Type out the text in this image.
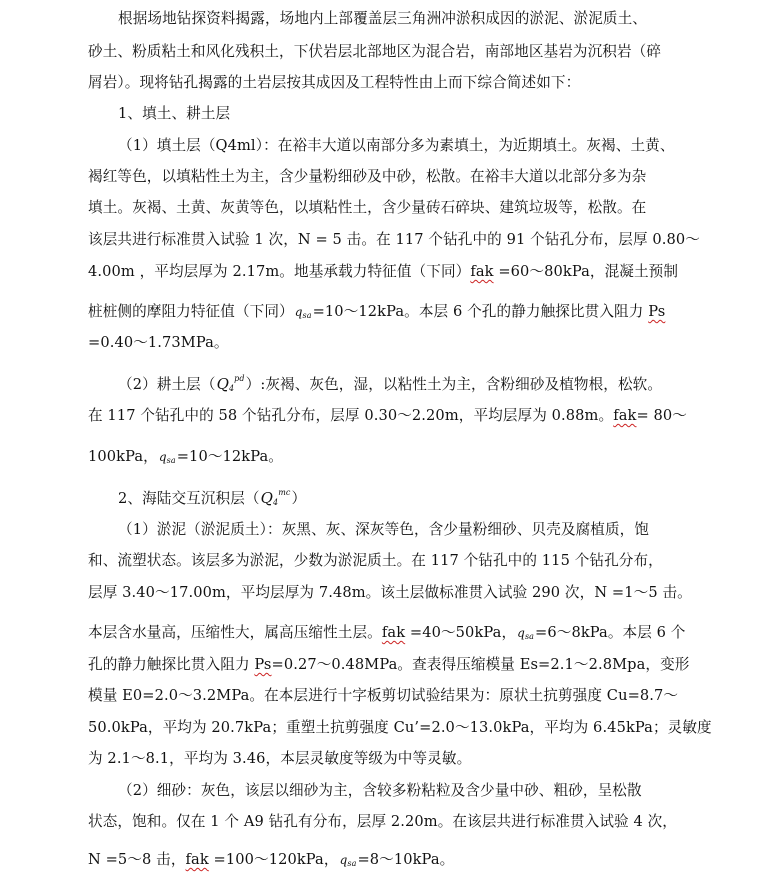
根据场地钻探资料揭露，场地内上部覆盖层三角洲冲淤积成因的淤泥、淤泥质土、
砂土、粉质粘土和风化残积土，下伏岩层北部地区为混合岩，南部地区基岩为沉积岩（碎
屑岩）。现将钻孔揭露的土岩层按其成因及工程特性由上而下综合简述如下：
1、填土、耕土层
（1）填土层（Q4ml）：在裕丰大道以南部分多为素填土，为近期填土。灰褐、土黄、
褐红等色，以填粘性土为主，含少量粉细砂及中砂，松散。在裕丰大道以北部分多为杂
填土。灰褐、土黄、灰黄等色，以填粘性土，含少量砖石碎块、建筑垃圾等，松散。在
该层共进行标准贯入试验 1 次，N = 5 击。在 117 个钻孔中的 91 个钻孔分布，层厚 0.80～
4.00m ，平均层厚为 2.17m。地基承载力特征值（下同）fak =60～80kPa，混凝土预制
桩桩侧的摩阻力特征值（下同）$q_{sa}=10\sim 12kPa$。本层 6 个孔的静力触探比贯入阻力 Ps
=0.40～1.73MPa。
（2）耕土层$(Q_4^{pd})$:灰褐、灰色，湿，以粘性土为主，含粉细砂及植物根，松软。
在 117 个钻孔中的 58 个钻孔分布，层厚 0.30～2.20m，平均层厚为 0.88m。fak= 80～
100kPa，$q_{sa}=10\sim 12kPa$。
2、海陆交互沉积层$(Q_4^{mc})$
（1）淤泥（淤泥质土）：灰黑、灰、深灰等色，含少量粉细砂、贝壳及腐植质，饱
和、流塑状态。该层多为淤泥，少数为淤泥质土。在 117 个钻孔中的 115 个钻孔分布，
层厚 3.40～17.00m，平均层厚为 7.48m。该土层做标准贯入试验 290 次，N =1～5 击。
本层含水量高，压缩性大，属高压缩性土层。fak =40～50kPa，$q_{sa}=6\sim 8kPa$。本层 6 个
孔的静力触探比贯入阻力 Ps=0.27～0.48MPa。查表得压缩模量 Es=2.1～2.8Mpa，变形
模量 E0=2.0～3.2MPa。在本层进行十字板剪切试验结果为：原状土抗剪强度 Cu=8.7～
50.0kPa，平均为 20.7kPa；重塑土抗剪强度 Cu’=2.0～13.0kPa，平均为 6.45kPa；灵敏度
为 2.1～8.1，平均为 3.46，本层灵敏度等级为中等灵敏。
（2）细砂：灰色，该层以细砂为主，含较多粉粘粒及含少量中砂、粗砂，呈松散
状态，饱和。仅在 1 个 A9 钻孔有分布，层厚 2.20m。在该层共进行标准贯入试验 4 次，
N =5～8 击，fak =100～120kPa，$q_{sa}=8\sim 10kPa$。
